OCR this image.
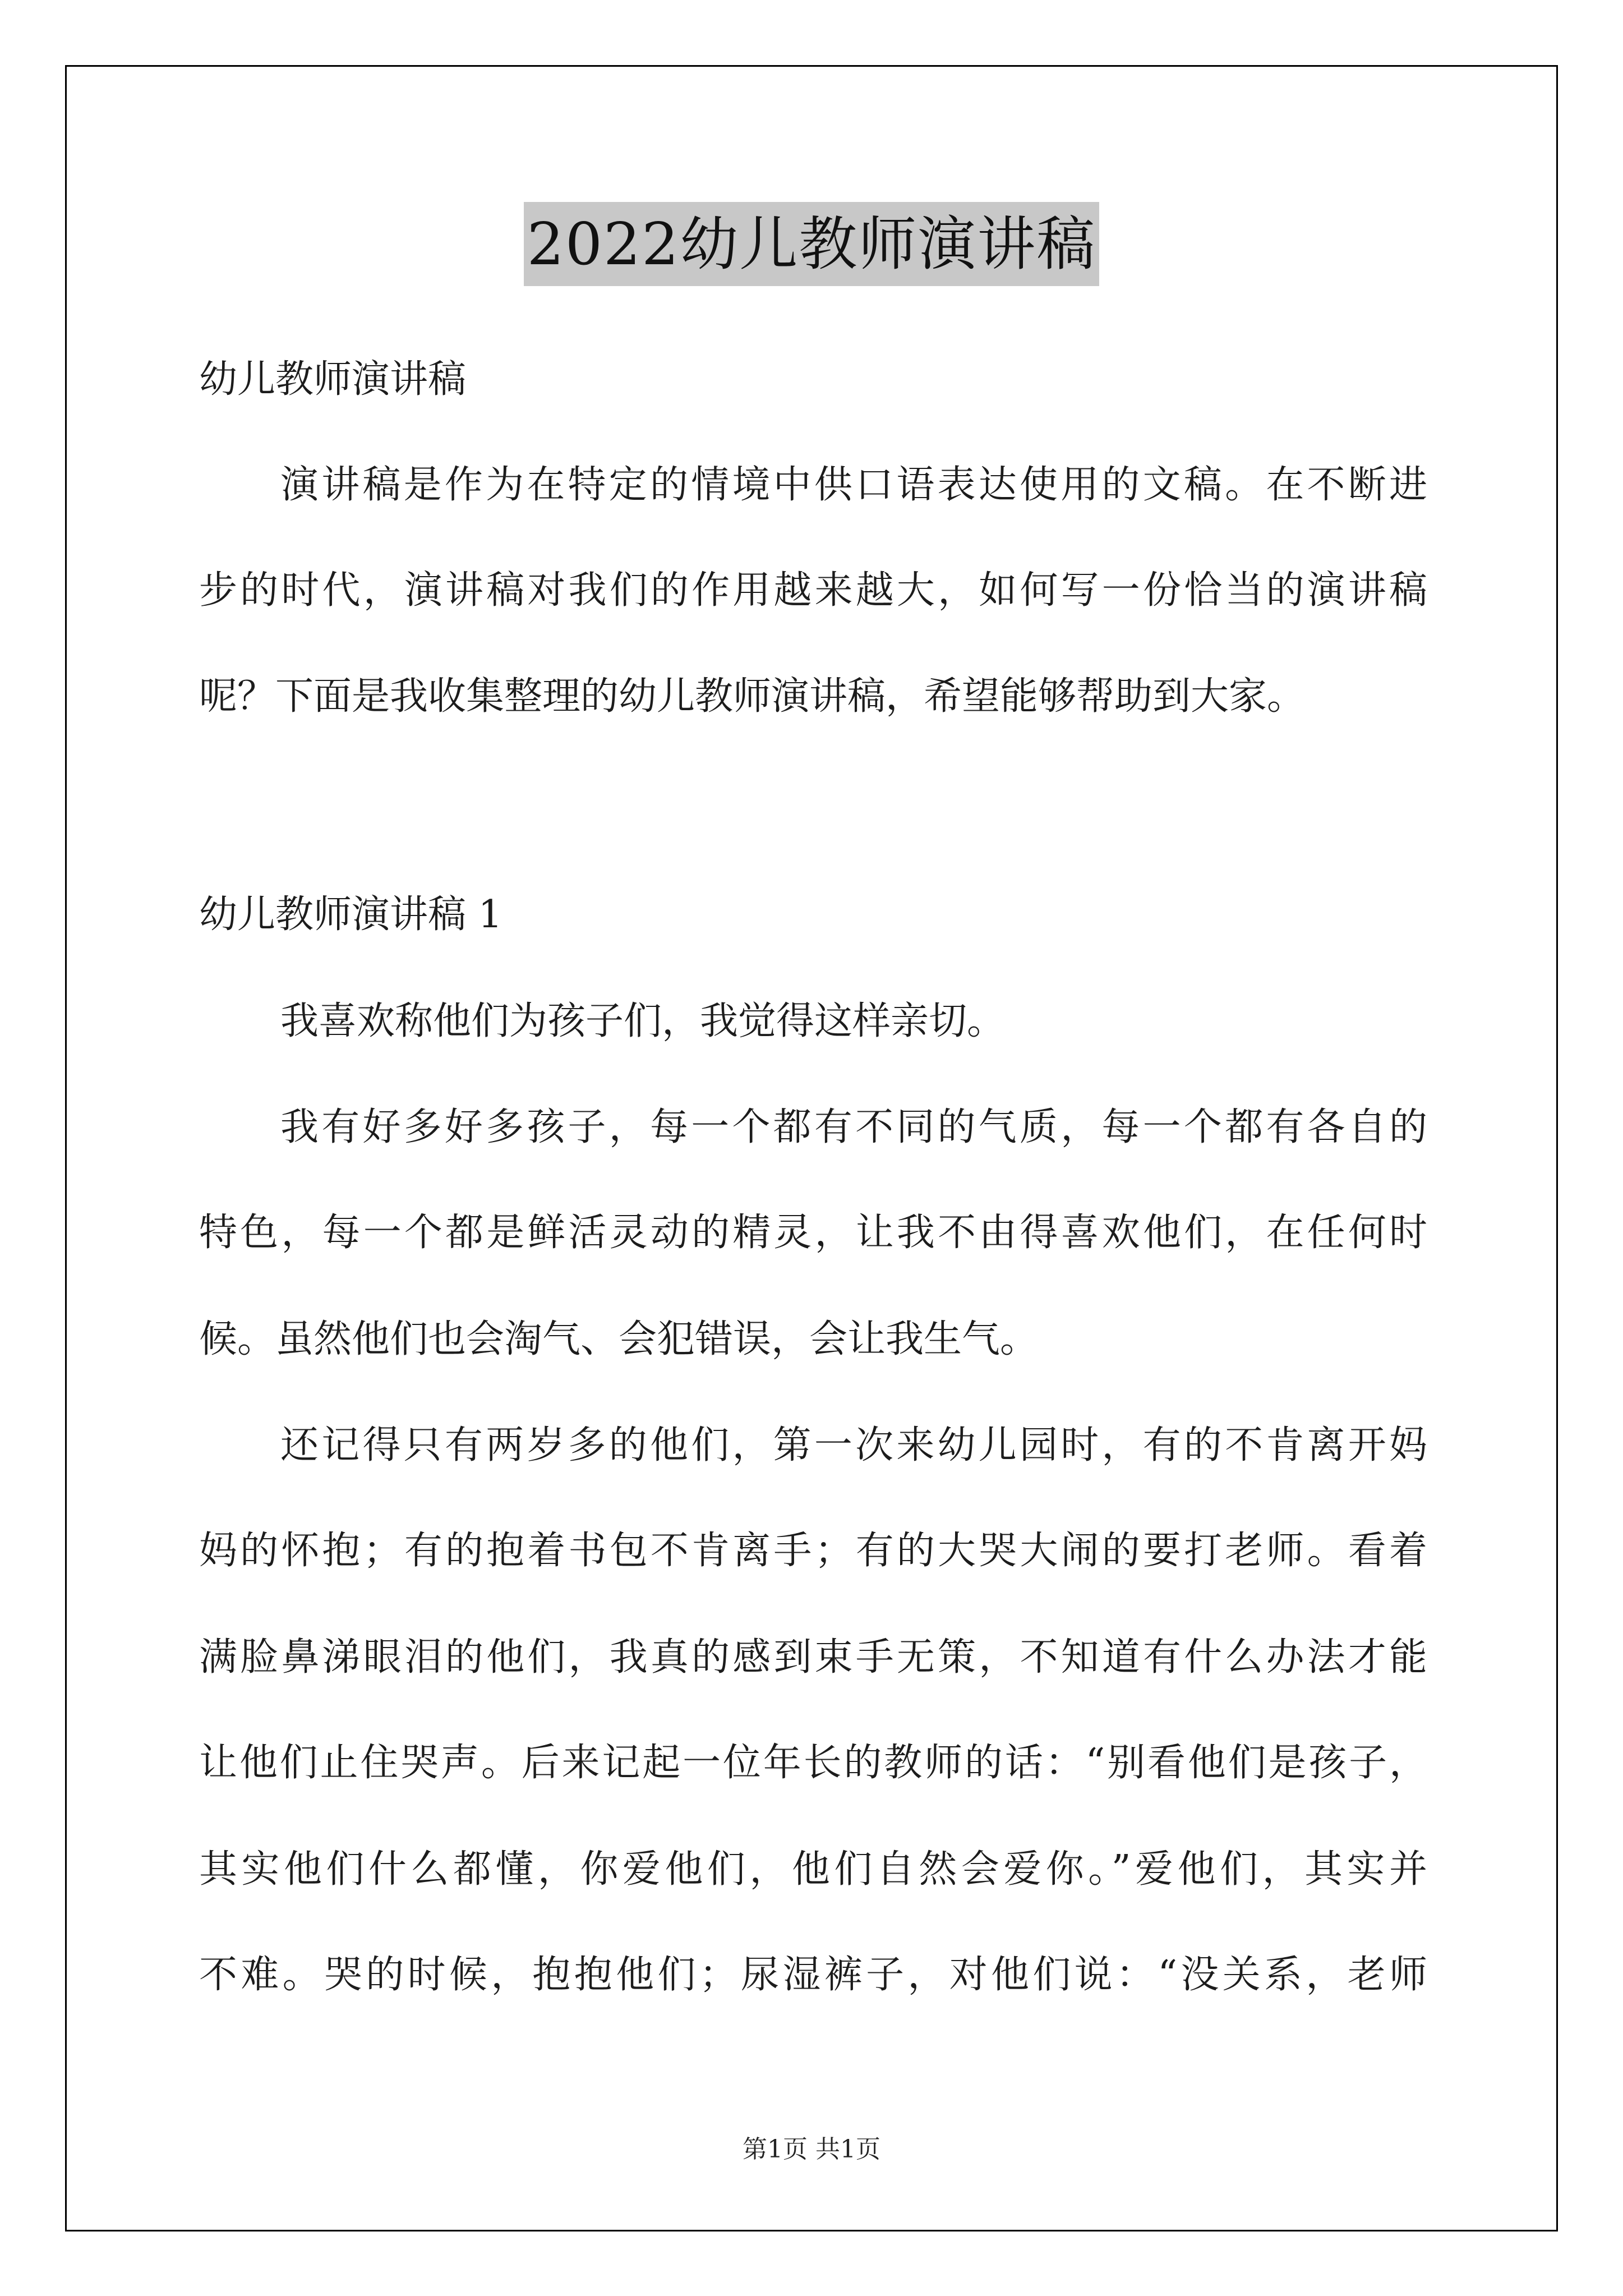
2022幼儿教师演讲稿
幼儿教师演讲稿
演讲稿是作为在特定的情境中供口语表达使用的文稿。在不断进
步的时代，演讲稿对我们的作用越来越大，如何写一份恰当的演讲稿
呢？下面是我收集整理的幼儿教师演讲稿，希望能够帮助到大家。
幼儿教师演讲稿 1
我喜欢称他们为孩子们，我觉得这样亲切。
我有好多好多孩子，每一个都有不同的气质，每一个都有各自的
特色，每一个都是鲜活灵动的精灵，让我不由得喜欢他们，在任何时
候。虽然他们也会淘气、会犯错误，会让我生气。
还记得只有两岁多的他们，第一次来幼儿园时，有的不肯离开妈
妈的怀抱；有的抱着书包不肯离手；有的大哭大闹的要打老师。看着
满脸鼻涕眼泪的他们，我真的感到束手无策，不知道有什么办法才能
让他们止住哭声。后来记起一位年长的教师的话：“别看他们是孩子，
其实他们什么都懂，你爱他们，他们自然会爱你。”爱他们，其实并
不难。哭的时候，抱抱他们；尿湿裤子，对他们说：“没关系，老师
第1页 共1页
